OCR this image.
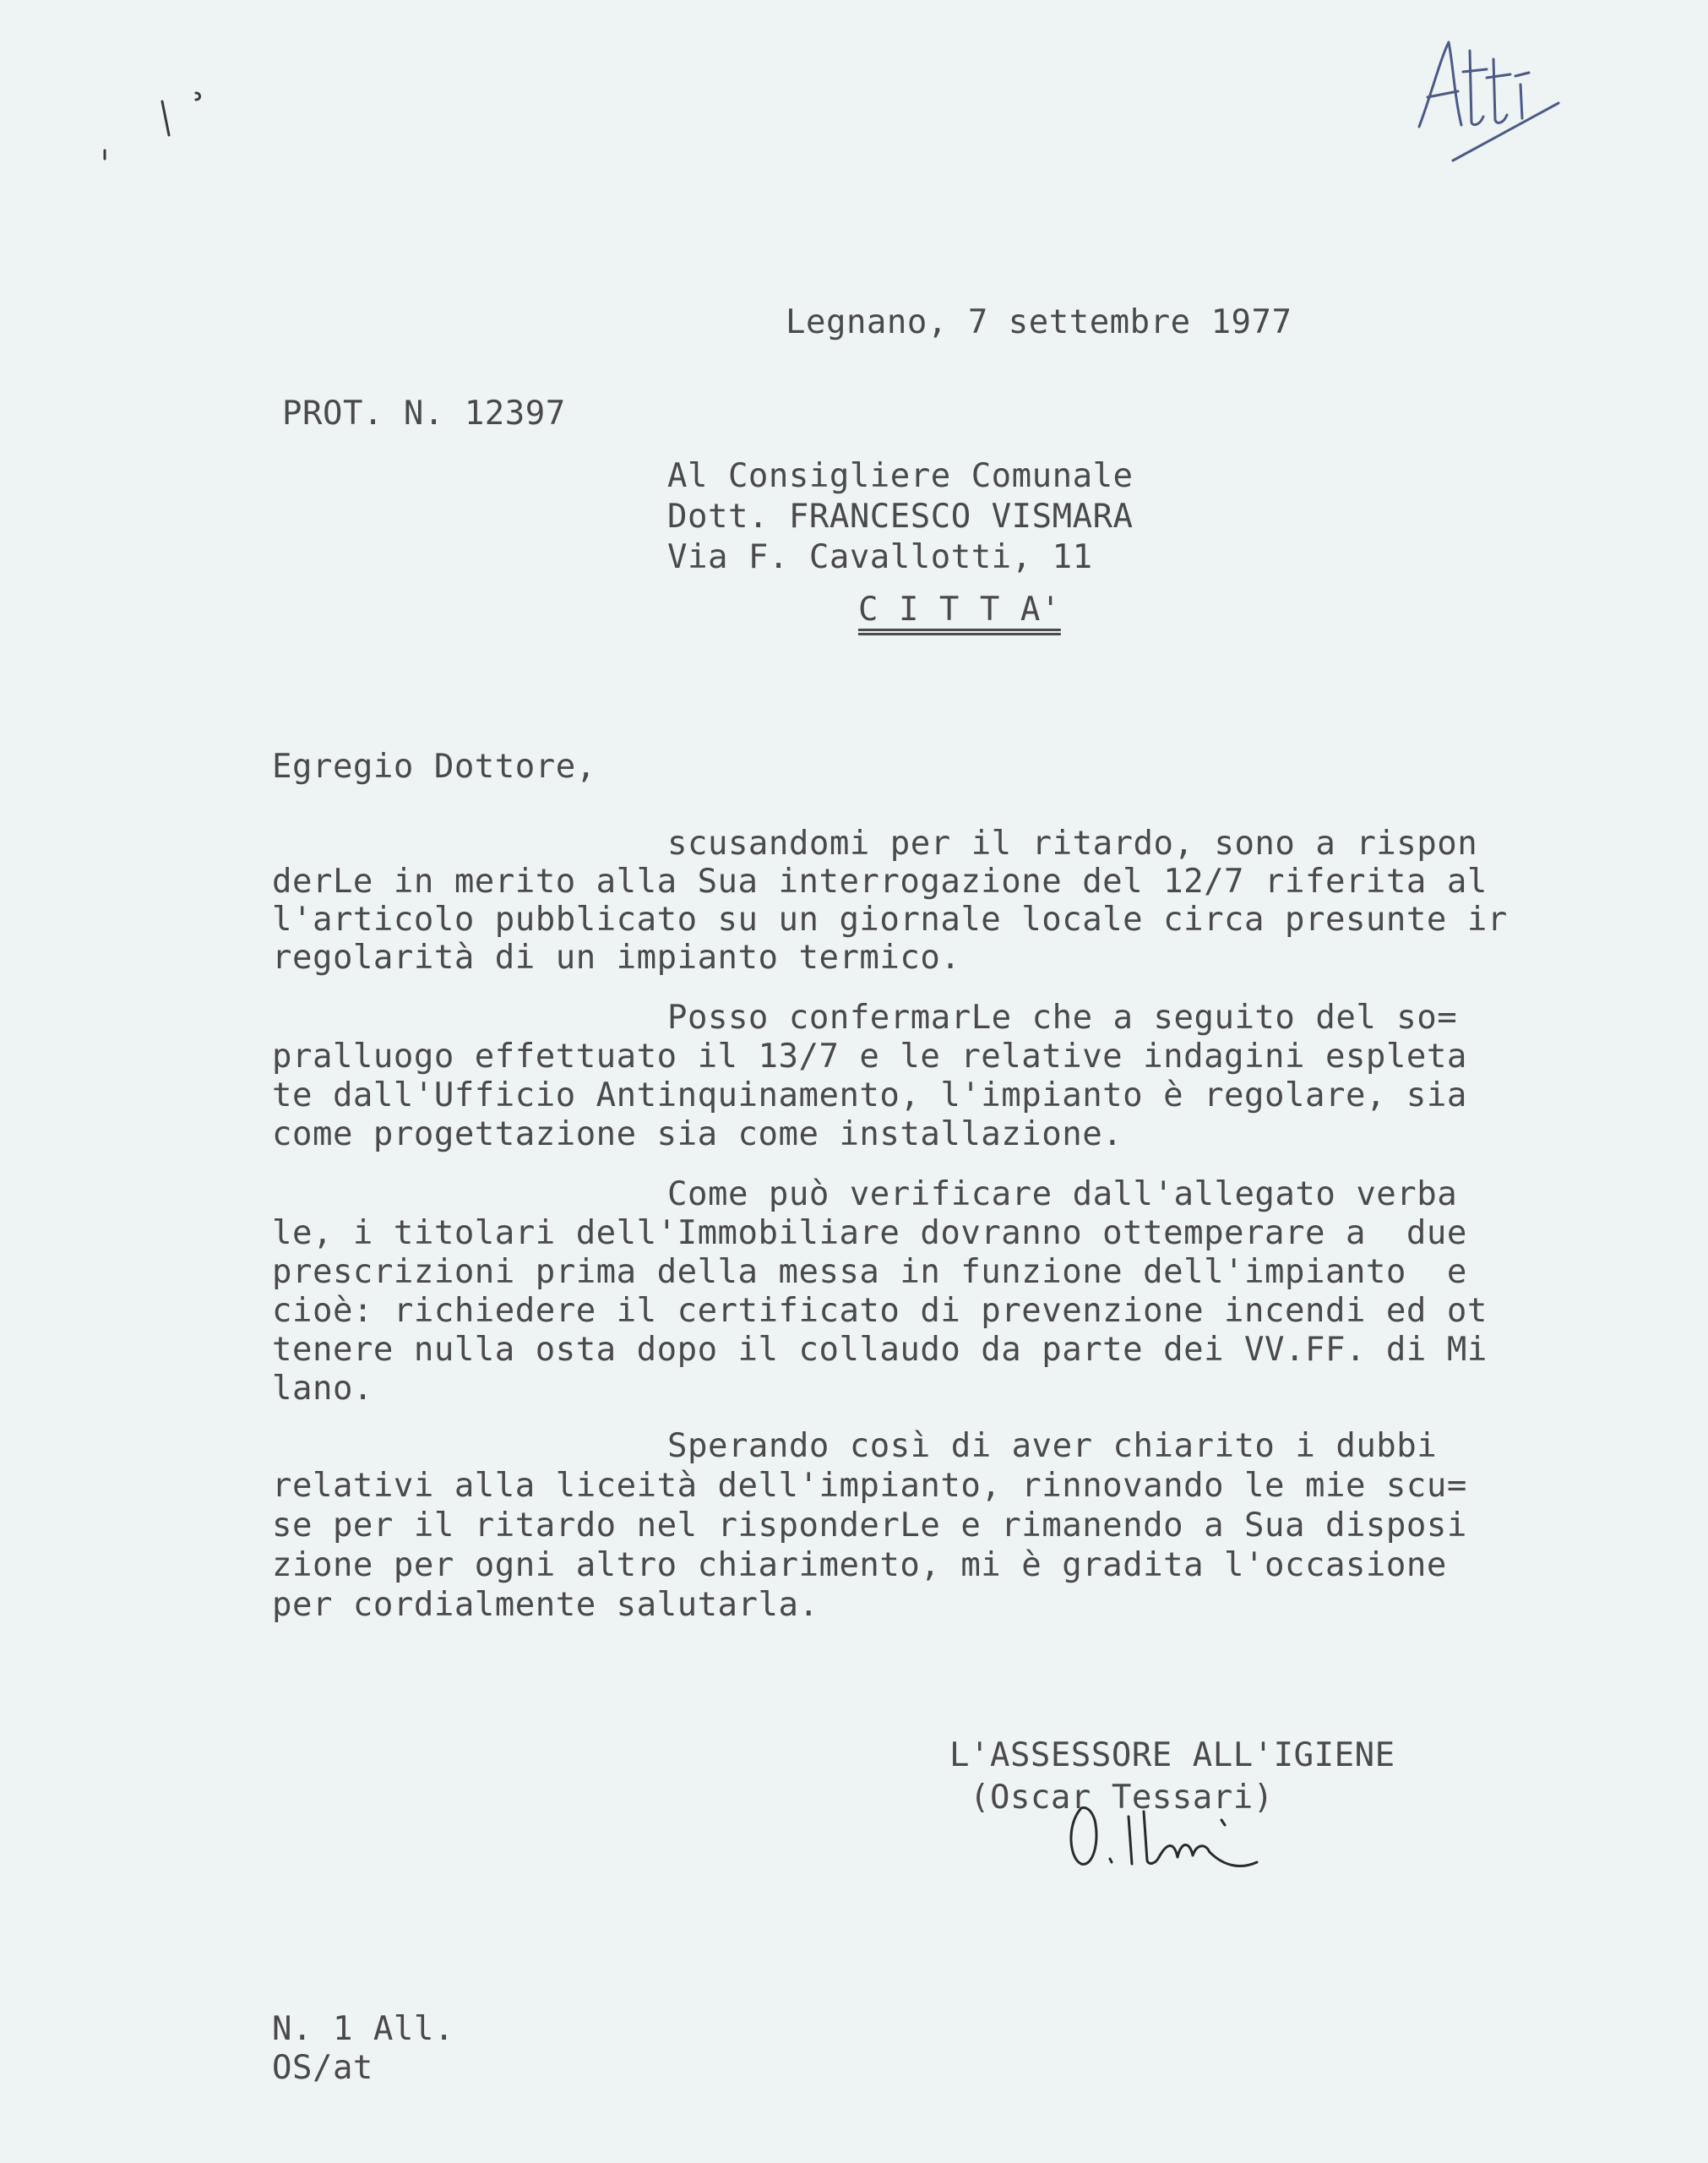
Legnano, 7 settembre 1977

PROT. N. 12397

Al Consigliere Comunale

Dott. FRANCESCO VISMARA

Via F. Cavallotti, 11

C I T T A'

Egregio Dottore,

scusandomi per il ritardo, sono a rispon

derLe in merito alla Sua interrogazione del 12/7 riferita al

l'articolo pubblicato su un giornale locale circa presunte ir

regolarità di un impianto termico.

Posso confermarLe che a seguito del so=

pralluogo effettuato il 13/7 e le relative indagini espleta

te dall'Ufficio Antinquinamento, l'impianto è regolare, sia

come progettazione sia come installazione.

Come può verificare dall'allegato verba

le, i titolari dell'Immobiliare dovranno ottemperare a  due

prescrizioni prima della messa in funzione dell'impianto  e

cioè: richiedere il certificato di prevenzione incendi ed ot

tenere nulla osta dopo il collaudo da parte dei VV.FF. di Mi

lano.

Sperando così di aver chiarito i dubbi

relativi alla liceità dell'impianto, rinnovando le mie scu=

se per il ritardo nel risponderLe e rimanendo a Sua disposi

zione per ogni altro chiarimento, mi è gradita l'occasione

per cordialmente salutarla.

L'ASSESSORE ALL'IGIENE

(Oscar Tessari)

N. 1 All.

OS/at
